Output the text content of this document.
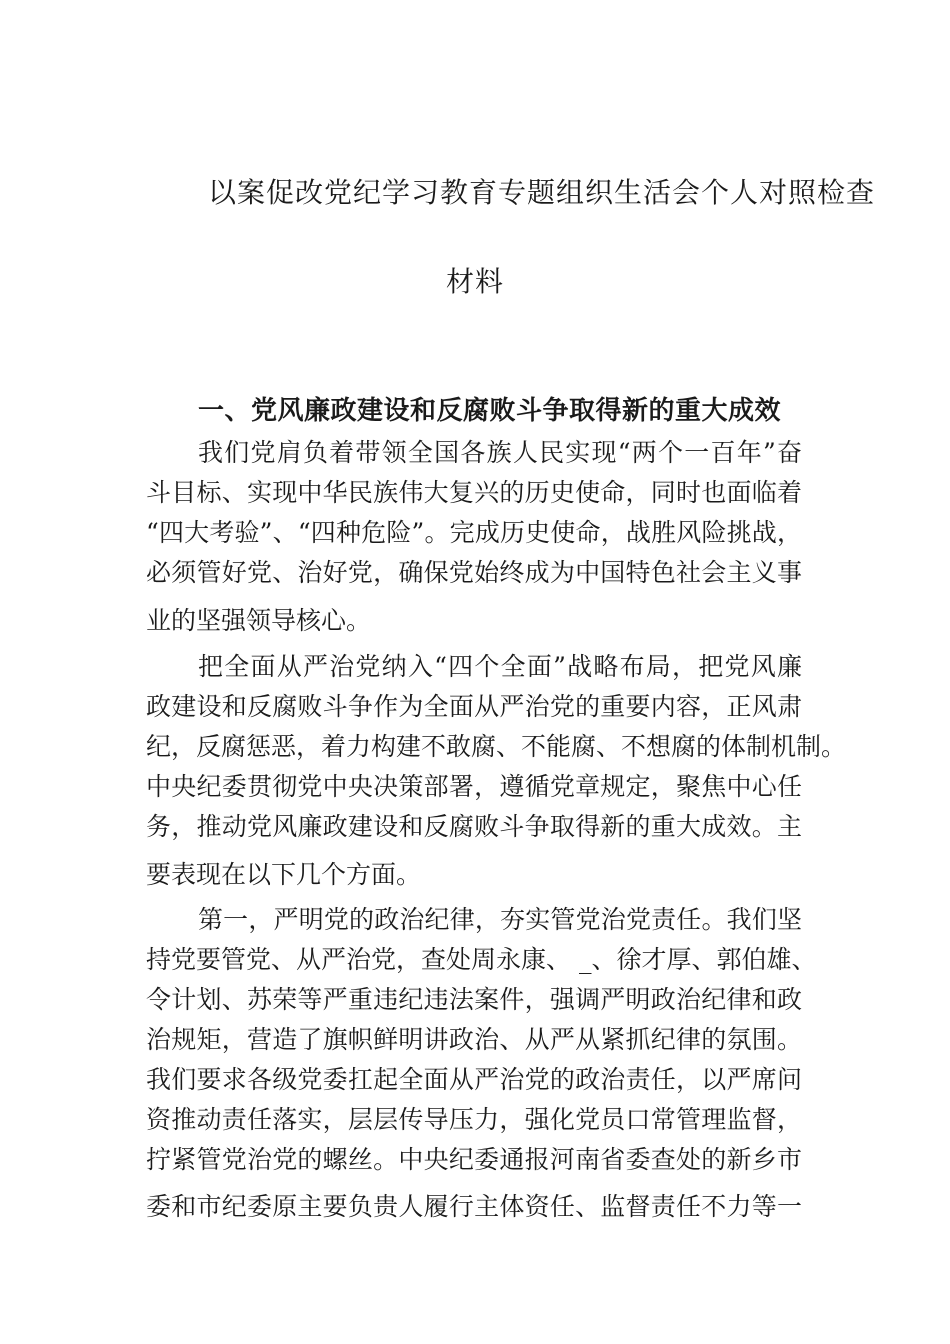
以案促改党纪学习教育专题组织生活会个人对照检查
材料
一、党风廉政建设和反腐败斗争取得新的重大成效
我们党肩负着带领全国各族人民实现“两个一百年”奋
斗目标、实现中华民族伟大复兴的历史使命，同时也面临着
“四大考验”、“四种危险”。完成历史使命，战胜风险挑战，
必须管好党、治好党，确保党始终成为中国特色社会主义事
业的坚强领导核心。
把全面从严治党纳入“四个全面”战略布局，把党风廉
政建设和反腐败斗争作为全面从严治党的重要内容，正风肃
纪，反腐惩恶，着力构建不敢腐、不能腐、不想腐的体制机制。
中央纪委贯彻党中央决策部署，遵循党章规定，聚焦中心任
务，推动党风廉政建设和反腐败斗争取得新的重大成效。主
要表现在以下几个方面。
第一，严明党的政治纪律，夯实管党治党责任。我们坚
持党要管党、从严治党，查处周永康、 _、徐才厚、郭伯雄、
令计划、苏荣等严重违纪违法案件，强调严明政治纪律和政
治规矩，营造了旗帜鲜明讲政治、从严从紧抓纪律的氛围。
我们要求各级党委扛起全面从严治党的政治责任，以严席问
资推动责任落实，层层传导压力，强化党员口常管理监督，
拧紧管党治党的螺丝。中央纪委通报河南省委查处的新乡市
委和市纪委原主要负贵人履行主体资任、监督责任不力等一
